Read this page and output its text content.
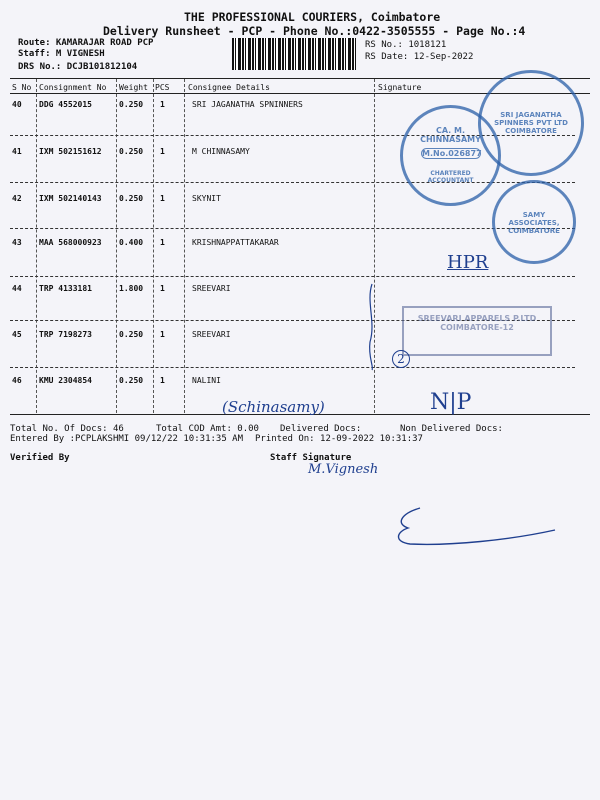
THE PROFESSIONAL COURIERS, Coimbatore
Delivery Runsheet - PCP - Phone No.:0422-3505555 - Page No.:4
Route: KAMARAJAR ROAD PCP
Staff: M VIGNESH
DRS No.: DCJB101812104
RS No.: 1018121
RS Date: 12-Sep-2022
S No Consignment No Weight PCS Consignee Details	Signature
40 DDG 4552015	0.250 1	SRI JAGANATHA SPNINNERS
41 IXM 502151612 0.250 1	M CHINNASAMY
42 IXM 502140143 0.250 1	SKYNIT
43 MAA 568000923 0.400 1	KRISHNAPPATTAKARAR
44 TRP 4133181	1.800 1	SREEVARI
45 TRP 7198273	0.250 1	SREEVARI
46 KMU 2304854	0.250 1	NALINI
SRI JAGANATHA SPINNERS PVT LTD COIMBATORE
CA. M. CHINNASAMY
M.No.026877
CHARTERED ACCOUNTANT
SAMY ASSOCIATES, COIMBATORE
SREEVARI APPARELS P.LTD
COIMBATORE-12
HPR
2
N|P
(Schinasamy)
Total No. Of Docs: 46	Total COD Amt: 0.00 Delivered Docs:	Non Delivered Docs:
Entered By :PCPLAKSHMI 09/12/22 10:31:35 AM Printed On: 12-09-2022 10:31:37
Verified By	Staff Signature
M.Vignesh
